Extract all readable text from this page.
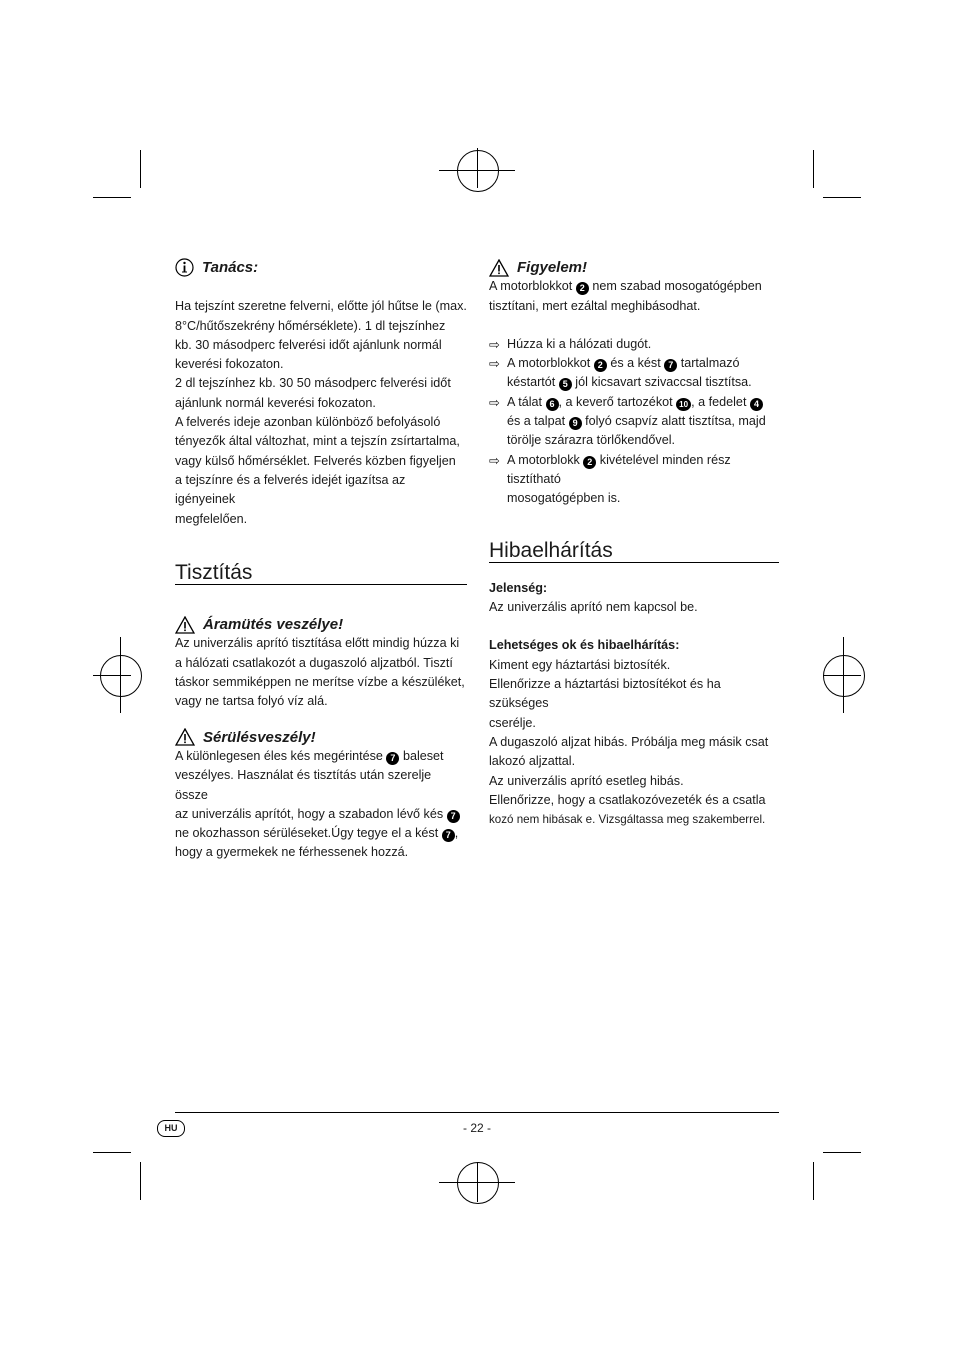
Tanács:

Ha tejszínt szeretne felverni, előtte jól hűtse le (max.

8°C/hűtőszekrény hőmérséklete). 1 dl tejszínhez

kb. 30 másodperc felverési időt ajánlunk normál

keverési fokozaton.

2 dl tejszínhez kb. 30 50 másodperc felverési időt

ajánlunk normál keverési fokozaton.

A felverés ideje azonban különböző befolyásoló

tényezők által változhat, mint a tejszín zsírtartalma,

vagy külső hőmérséklet. Felverés közben figyeljen

a tejszínre és a felverés idejét igazítsa az igényeinek

megfelelően.

Tisztítás
Áramütés veszélye!

Az univerzális aprító tisztítása előtt mindig húzza ki

a hálózati csatlakozót a dugaszoló aljzatból. Tisztí

táskor semmiképpen ne merítse vízbe a készüléket,

vagy ne tartsa folyó víz alá.

Sérülésveszély!

A különlegesen éles kés megérintése 7 baleset

veszélyes. Használat és tisztítás után szerelje össze

az univerzális aprítót, hogy a szabadon lévő kés 7

ne okozhasson sérüléseket.Úgy tegye el a kést 7 ,

hogy a gyermekek ne férhessenek hozzá.

Figyelem!

A motorblokkot 2 nem szabad mosogatógépben

tisztítani, mert ezáltal meghibásodhat.

⇨ Húzza ki a hálózati dugót.

⇨ A motorblokkot 2 és a kést 7 tartalmazó

késtartót 5 jól kicsavart szivaccsal tisztítsa.

⇨ A tálat 6 , a keverő tartozékot 10 , a fedelet 4

és a talpat 9 folyó csapvíz alatt tisztítsa, majd

törölje szárazra törlőkendővel.

⇨ A motorblokk 2 kivételével minden rész tisztítható

mosogatógépben is.

Hibaelhárítás

Jelenség:

Az univerzális aprító nem kapcsol be.

Lehetséges ok és hibaelhárítás:

Kiment egy háztartási biztosíték.

Ellenőrizze a háztartási biztosítékot és ha szükséges

cserélje.

A dugaszoló aljzat hibás. Próbálja meg másik csat

lakozó aljzattal.

Az univerzális aprító esetleg hibás.

Ellenőrizze, hogy a csatlakozóvezeték és a csatla

kozó nem hibásak e. Vizsgáltassa meg szakemberrel.

HU	- 22 -
